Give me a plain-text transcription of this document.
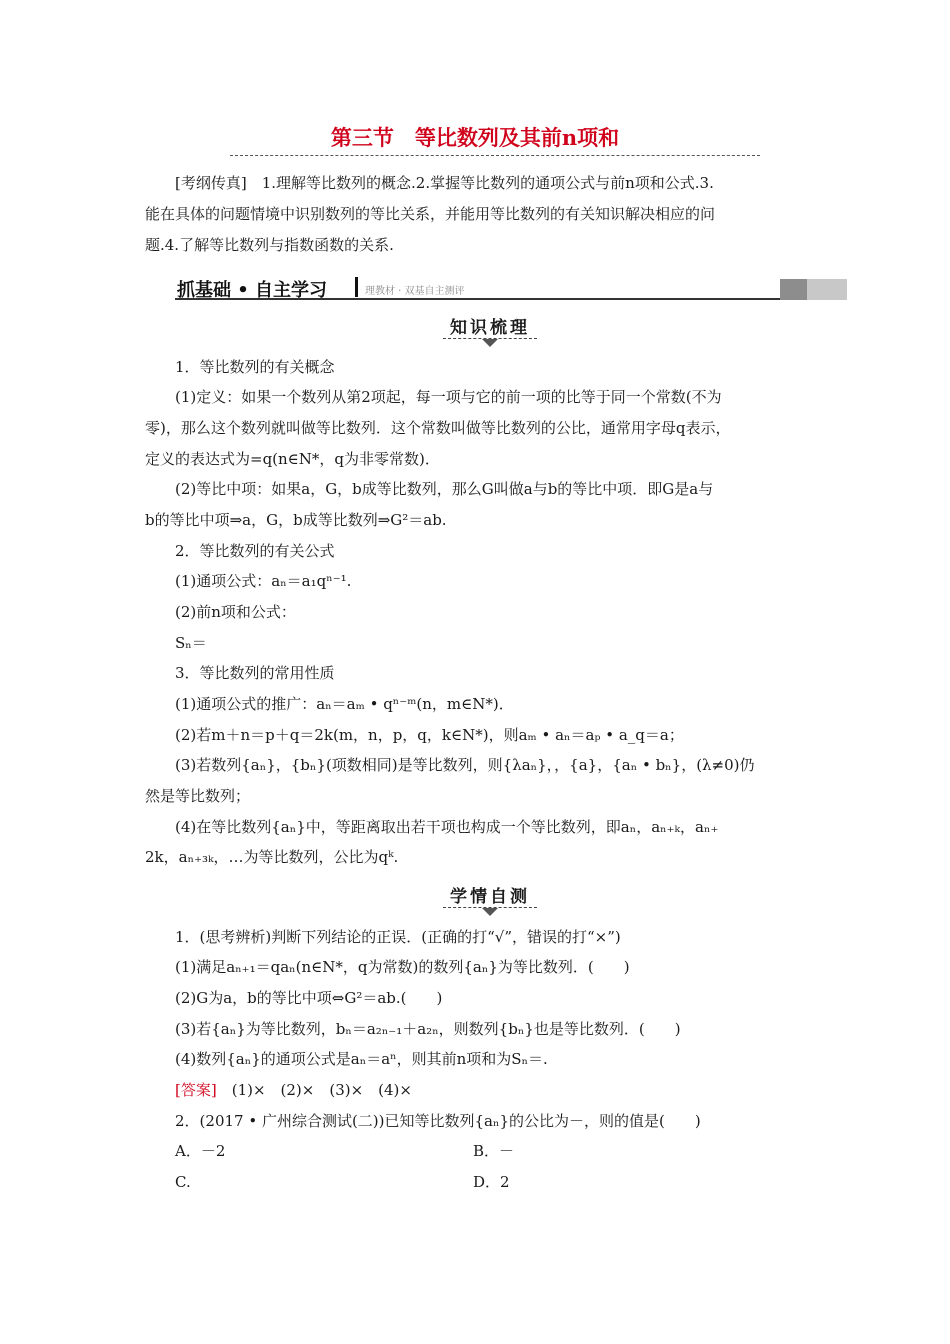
第三节　等比数列及其前n项和
[考纲传真]　1.理解等比数列的概念.2.掌握等比数列的通项公式与前n项和公式.3.
能在具体的问题情境中识别数列的等比关系，并能用等比数列的有关知识解决相应的问
题.4.了解等比数列与指数函数的关系.
抓基础 • 自主学习	理教材 · 双基自主测评
知识梳理
1．等比数列的有关概念
(1)定义：如果一个数列从第2项起，每一项与它的前一项的比等于同一个常数(不为
零)，那么这个数列就叫做等比数列．这个常数叫做等比数列的公比，通常用字母q表示，
定义的表达式为=q(n∈N*，q为非零常数)．
(2)等比中项：如果a，G，b成等比数列，那么G叫做a与b的等比中项．即G是a与
b的等比中项⇒a，G，b成等比数列⇒G²＝ab.
2．等比数列的有关公式
(1)通项公式：aₙ＝a₁qⁿ⁻¹.
(2)前n项和公式：
Sₙ＝
3．等比数列的常用性质
(1)通项公式的推广：aₙ＝aₘ • qⁿ⁻ᵐ(n，m∈N*)．
(2)若m＋n＝p＋q＝2k(m，n，p，q，k∈N*)，则aₘ • aₙ＝aₚ • a_q＝a；
(3)若数列{aₙ}，{bₙ}(项数相同)是等比数列，则{λaₙ}，，{a}，{aₙ • bₙ}，(λ≠0)仍
然是等比数列；
(4)在等比数列{aₙ}中，等距离取出若干项也构成一个等比数列，即aₙ，aₙ₊ₖ，aₙ₊
2k，aₙ₊₃ₖ，…为等比数列，公比为qᵏ.
学情自测
1．(思考辨析)判断下列结论的正误．(正确的打“√”，错误的打“×”)
(1)满足aₙ₊₁＝qaₙ(n∈N*，q为常数)的数列{aₙ}为等比数列．(　　)
(2)G为a，b的等比中项⇔G²＝ab.(　　)
(3)若{aₙ}为等比数列，bₙ＝a₂ₙ₋₁＋a₂ₙ，则数列{bₙ}也是等比数列．(　　)
(4)数列{aₙ}的通项公式是aₙ＝aⁿ，则其前n项和为Sₙ＝.
[答案]　(1)×　(2)×　(3)×　(4)×
2．(2017 • 广州综合测试(二))已知等比数列{aₙ}的公比为－，则的值是(　　)
A．－2	B．－
C.	D．2
